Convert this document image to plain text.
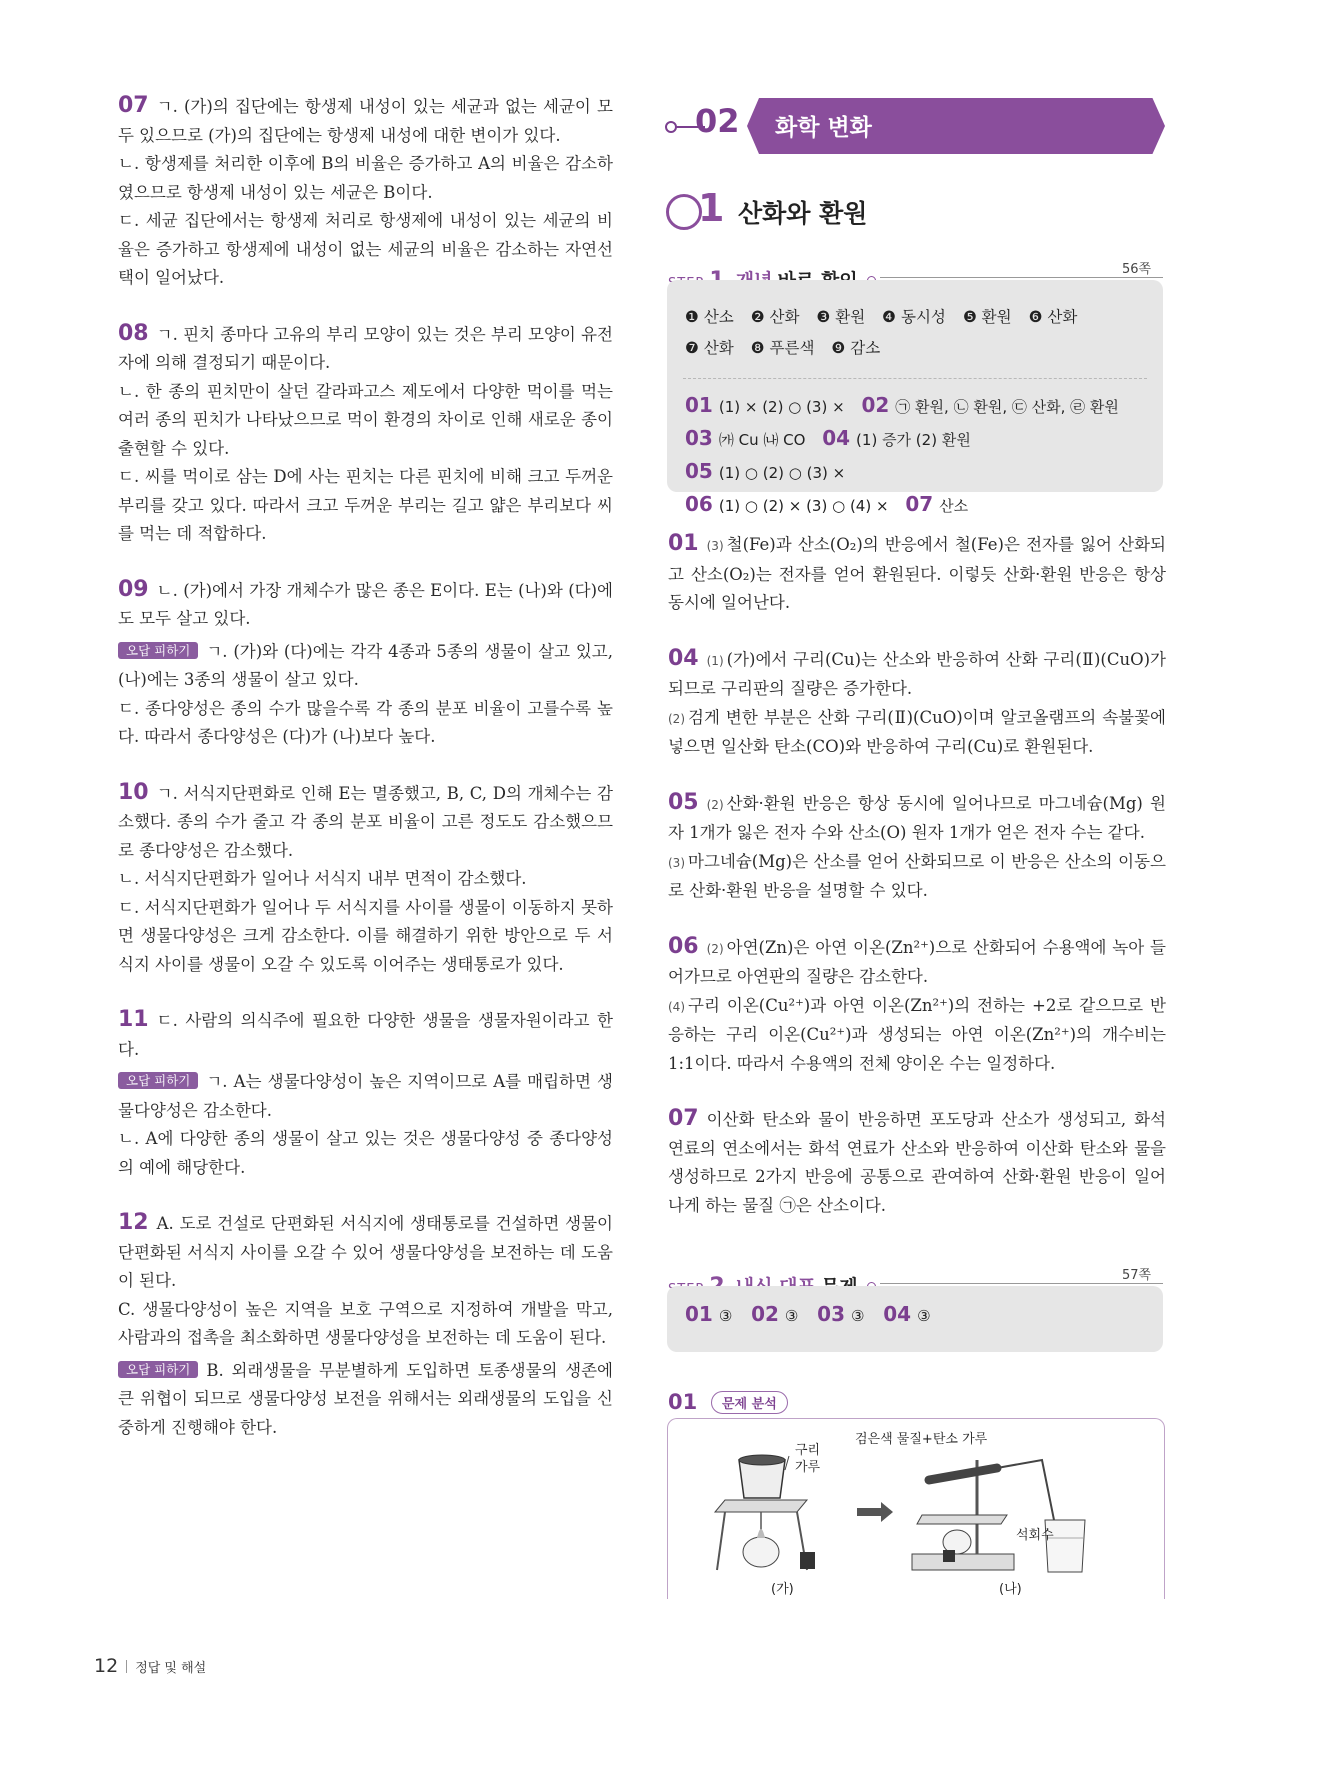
07 ㄱ. (가)의 집단에는 항생제 내성이 있는 세균과 없는 세균이 모두 있으므로 (가)의 집단에는 항생제 내성에 대한 변이가 있다.

ㄴ. 항생제를 처리한 이후에 B의 비율은 증가하고 A의 비율은 감소하였으므로 항생제 내성이 있는 세균은 B이다.

ㄷ. 세균 집단에서는 항생제 처리로 항생제에 내성이 있는 세균의 비율은 증가하고 항생제에 내성이 없는 세균의 비율은 감소하는 자연선택이 일어났다.

08 ㄱ. 핀치 종마다 고유의 부리 모양이 있는 것은 부리 모양이 유전자에 의해 결정되기 때문이다.

ㄴ. 한 종의 핀치만이 살던 갈라파고스 제도에서 다양한 먹이를 먹는 여러 종의 핀치가 나타났으므로 먹이 환경의 차이로 인해 새로운 종이 출현할 수 있다.

ㄷ. 씨를 먹이로 삼는 D에 사는 핀치는 다른 핀치에 비해 크고 두꺼운 부리를 갖고 있다. 따라서 크고 두꺼운 부리는 길고 얇은 부리보다 씨를 먹는 데 적합하다.

09 ㄴ. (가)에서 가장 개체수가 많은 종은 E이다. E는 (나)와 (다)에도 모두 살고 있다.

오답 피하기 ㄱ. (가)와 (다)에는 각각 4종과 5종의 생물이 살고 있고, (나)에는 3종의 생물이 살고 있다.

ㄷ. 종다양성은 종의 수가 많을수록 각 종의 분포 비율이 고를수록 높다. 따라서 종다양성은 (다)가 (나)보다 높다.

10 ㄱ. 서식지단편화로 인해 E는 멸종했고, B, C, D의 개체수는 감소했다. 종의 수가 줄고 각 종의 분포 비율이 고른 정도도 감소했으므로 종다양성은 감소했다.

ㄴ. 서식지단편화가 일어나 서식지 내부 면적이 감소했다.

ㄷ. 서식지단편화가 일어나 두 서식지를 사이를 생물이 이동하지 못하면 생물다양성은 크게 감소한다. 이를 해결하기 위한 방안으로 두 서식지 사이를 생물이 오갈 수 있도록 이어주는 생태통로가 있다.

11 ㄷ. 사람의 의식주에 필요한 다양한 생물을 생물자원이라고 한다.

오답 피하기 ㄱ. A는 생물다양성이 높은 지역이므로 A를 매립하면 생물다양성은 감소한다.

ㄴ. A에 다양한 종의 생물이 살고 있는 것은 생물다양성 중 종다양성의 예에 해당한다.

12 A. 도로 건설로 단편화된 서식지에 생태통로를 건설하면 생물이 단편화된 서식지 사이를 오갈 수 있어 생물다양성을 보전하는 데 도움이 된다.

C. 생물다양성이 높은 지역을 보호 구역으로 지정하여 개발을 막고, 사람과의 접촉을 최소화하면 생물다양성을 보전하는 데 도움이 된다.

오답 피하기 B. 외래생물을 무분별하게 도입하면 토종생물의 생존에 큰 위협이 되므로 생물다양성 보전을 위해서는 외래생물의 도입을 신중하게 진행해야 한다.

02 화학 변화
1 산화와 환원
56쪽
❶ 산소 ❷ 산화 ❸ 환원 ❹ 동시성 ❺ 환원 ❻ 산화 ❼ 산화 ❽ 푸른색 ❾ 감소
01 (1) × (2) ○ (3) × 02 ㉠ 환원, ㉡ 환원, ㉢ 산화, ㉣ 환원
03 ㈎ Cu ㈏ CO 04 (1) 증가 (2) 환원 05 (1) ○ (2) ○ (3) ×
06 (1) ○ (2) × (3) ○ (4) × 07 산소

01 (3) 철(Fe)과 산소(O₂)의 반응에서 철(Fe)은 전자를 잃어 산화되고 산소(O₂)는 전자를 얻어 환원된다. 이렇듯 산화·환원 반응은 항상 동시에 일어난다.

04 (1) (가)에서 구리(Cu)는 산소와 반응하여 산화 구리(Ⅱ)(CuO)가 되므로 구리판의 질량은 증가한다.

(2) 검게 변한 부분은 산화 구리(Ⅱ)(CuO)이며 알코올램프의 속불꽃에 넣으면 일산화 탄소(CO)와 반응하여 구리(Cu)로 환원된다.

05 (2) 산화·환원 반응은 항상 동시에 일어나므로 마그네슘(Mg) 원자 1개가 잃은 전자 수와 산소(O) 원자 1개가 얻은 전자 수는 같다.

(3) 마그네슘(Mg)은 산소를 얻어 산화되므로 이 반응은 산소의 이동으로 산화·환원 반응을 설명할 수 있다.

06 (2) 아연(Zn)은 아연 이온(Zn²⁺)으로 산화되어 수용액에 녹아 들어가므로 아연판의 질량은 감소한다.

(4) 구리 이온(Cu²⁺)과 아연 이온(Zn²⁺)의 전하는 +2로 같으므로 반응하는 구리 이온(Cu²⁺)과 생성되는 아연 이온(Zn²⁺)의 개수비는 1:1이다. 따라서 수용액의 전체 양이온 수는 일정하다.

07 이산화 탄소와 물이 반응하면 포도당과 산소가 생성되고, 화석 연료의 연소에서는 화석 연료가 산소와 반응하여 이산화 탄소와 물을 생성하므로 2가지 반응에 공통으로 관여하여 산화·환원 반응이 일어나게 하는 물질 ㉠은 산소이다.

57쪽
01 ③ 02 ③ 03 ③ 04 ③
01	문제 분석
구리
가루
검은색 물질+탄소 가루
석회수
(가)	(나)
12 정답 및 해설
